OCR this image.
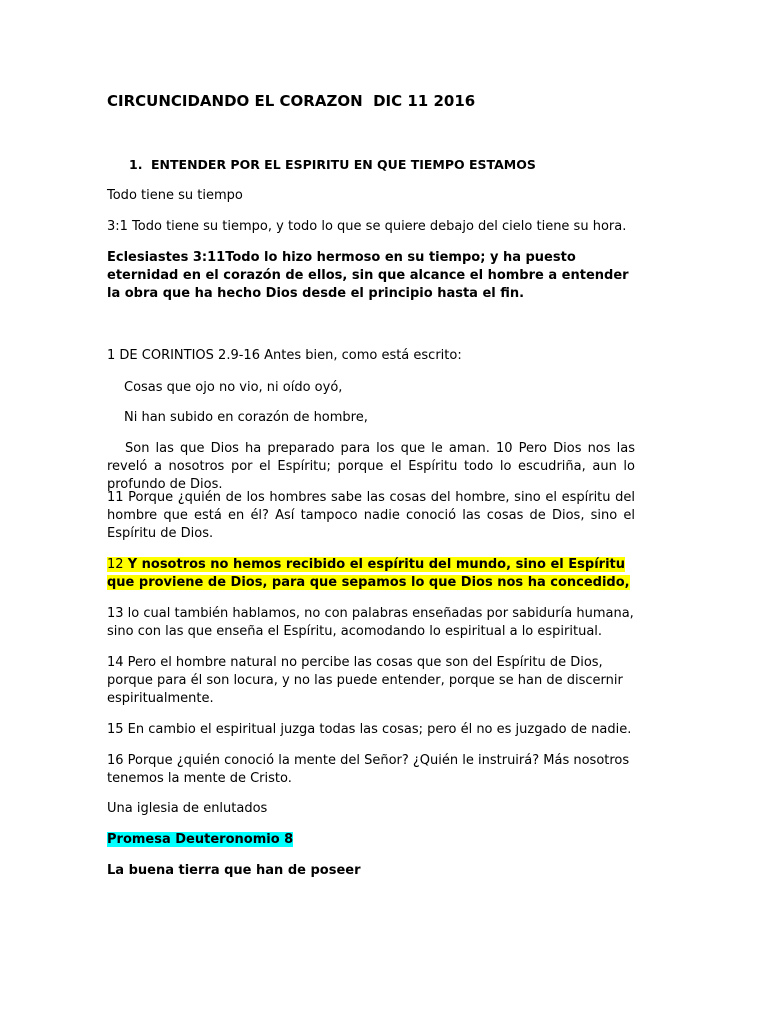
CIRCUNCIDANDO EL CORAZON  DIC 11 2016
1. ENTENDER POR EL ESPIRITU EN QUE TIEMPO ESTAMOS

Todo tiene su tiempo

3:1 Todo tiene su tiempo, y todo lo que se quiere debajo del cielo tiene su hora.

Eclesiastes 3:11Todo lo hizo hermoso en su tiempo; y ha puesto eternidad en el corazón de ellos, sin que alcance el hombre a entender la obra que ha hecho Dios desde el principio hasta el fin.

1 DE CORINTIOS 2.9-16 Antes bien, como está escrito:

Cosas que ojo no vio, ni oído oyó,

Ni han subido en corazón de hombre,

Son las que Dios ha preparado para los que le aman. 10 Pero Dios nos las reveló a nosotros por el Espíritu; porque el Espíritu todo lo escudriña, aun lo profundo de Dios.

11 Porque ¿quién de los hombres sabe las cosas del hombre, sino el espíritu del hombre que está en él? Así tampoco nadie conoció las cosas de Dios, sino el Espíritu de Dios.

12 Y nosotros no hemos recibido el espíritu del mundo, sino el Espíritu que proviene de Dios, para que sepamos lo que Dios nos ha concedido,

13 lo cual también hablamos, no con palabras enseñadas por sabiduría humana, sino con las que enseña el Espíritu, acomodando lo espiritual a lo espiritual.

14 Pero el hombre natural no percibe las cosas que son del Espíritu de Dios, porque para él son locura, y no las puede entender, porque se han de discernir espiritualmente.

15 En cambio el espiritual juzga todas las cosas; pero él no es juzgado de nadie.

16 Porque ¿quién conoció la mente del Señor? ¿Quién le instruirá? Más nosotros tenemos la mente de Cristo.

Una iglesia de enlutados

Promesa Deuteronomio 8

La buena tierra que han de poseer
